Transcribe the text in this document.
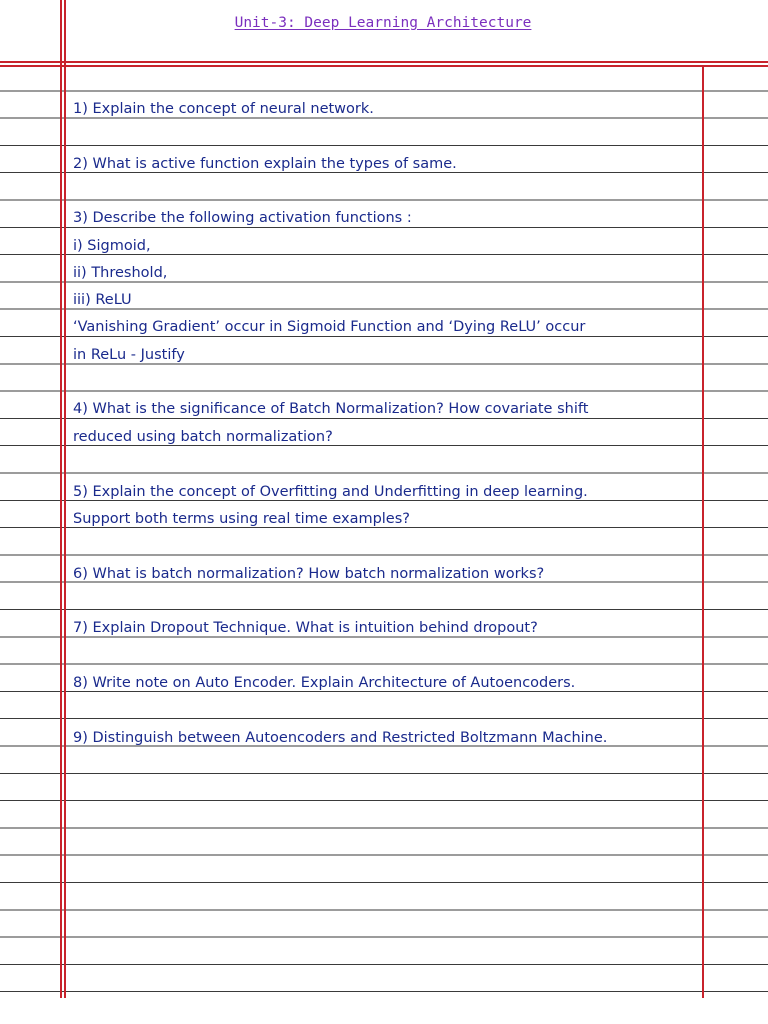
Unit-3: Deep Learning Architecture

1) Explain the concept of neural network.

2) What is active function explain the types of same.

3) Describe the following activation functions :

i) Sigmoid,

ii) Threshold,

iii) ReLU

‘Vanishing Gradient’ occur in Sigmoid Function and ‘Dying ReLU’ occur

in ReLu - Justify

4) What is the significance of Batch Normalization? How covariate shift

reduced using batch normalization?

5) Explain the concept of Overfitting and Underfitting in deep learning.

Support both terms using real time examples?

6) What is batch normalization? How batch normalization works?

7) Explain Dropout Technique. What is intuition behind dropout?

8) Write note on Auto Encoder. Explain Architecture of Autoencoders.

9) Distinguish between Autoencoders and Restricted Boltzmann Machine.
